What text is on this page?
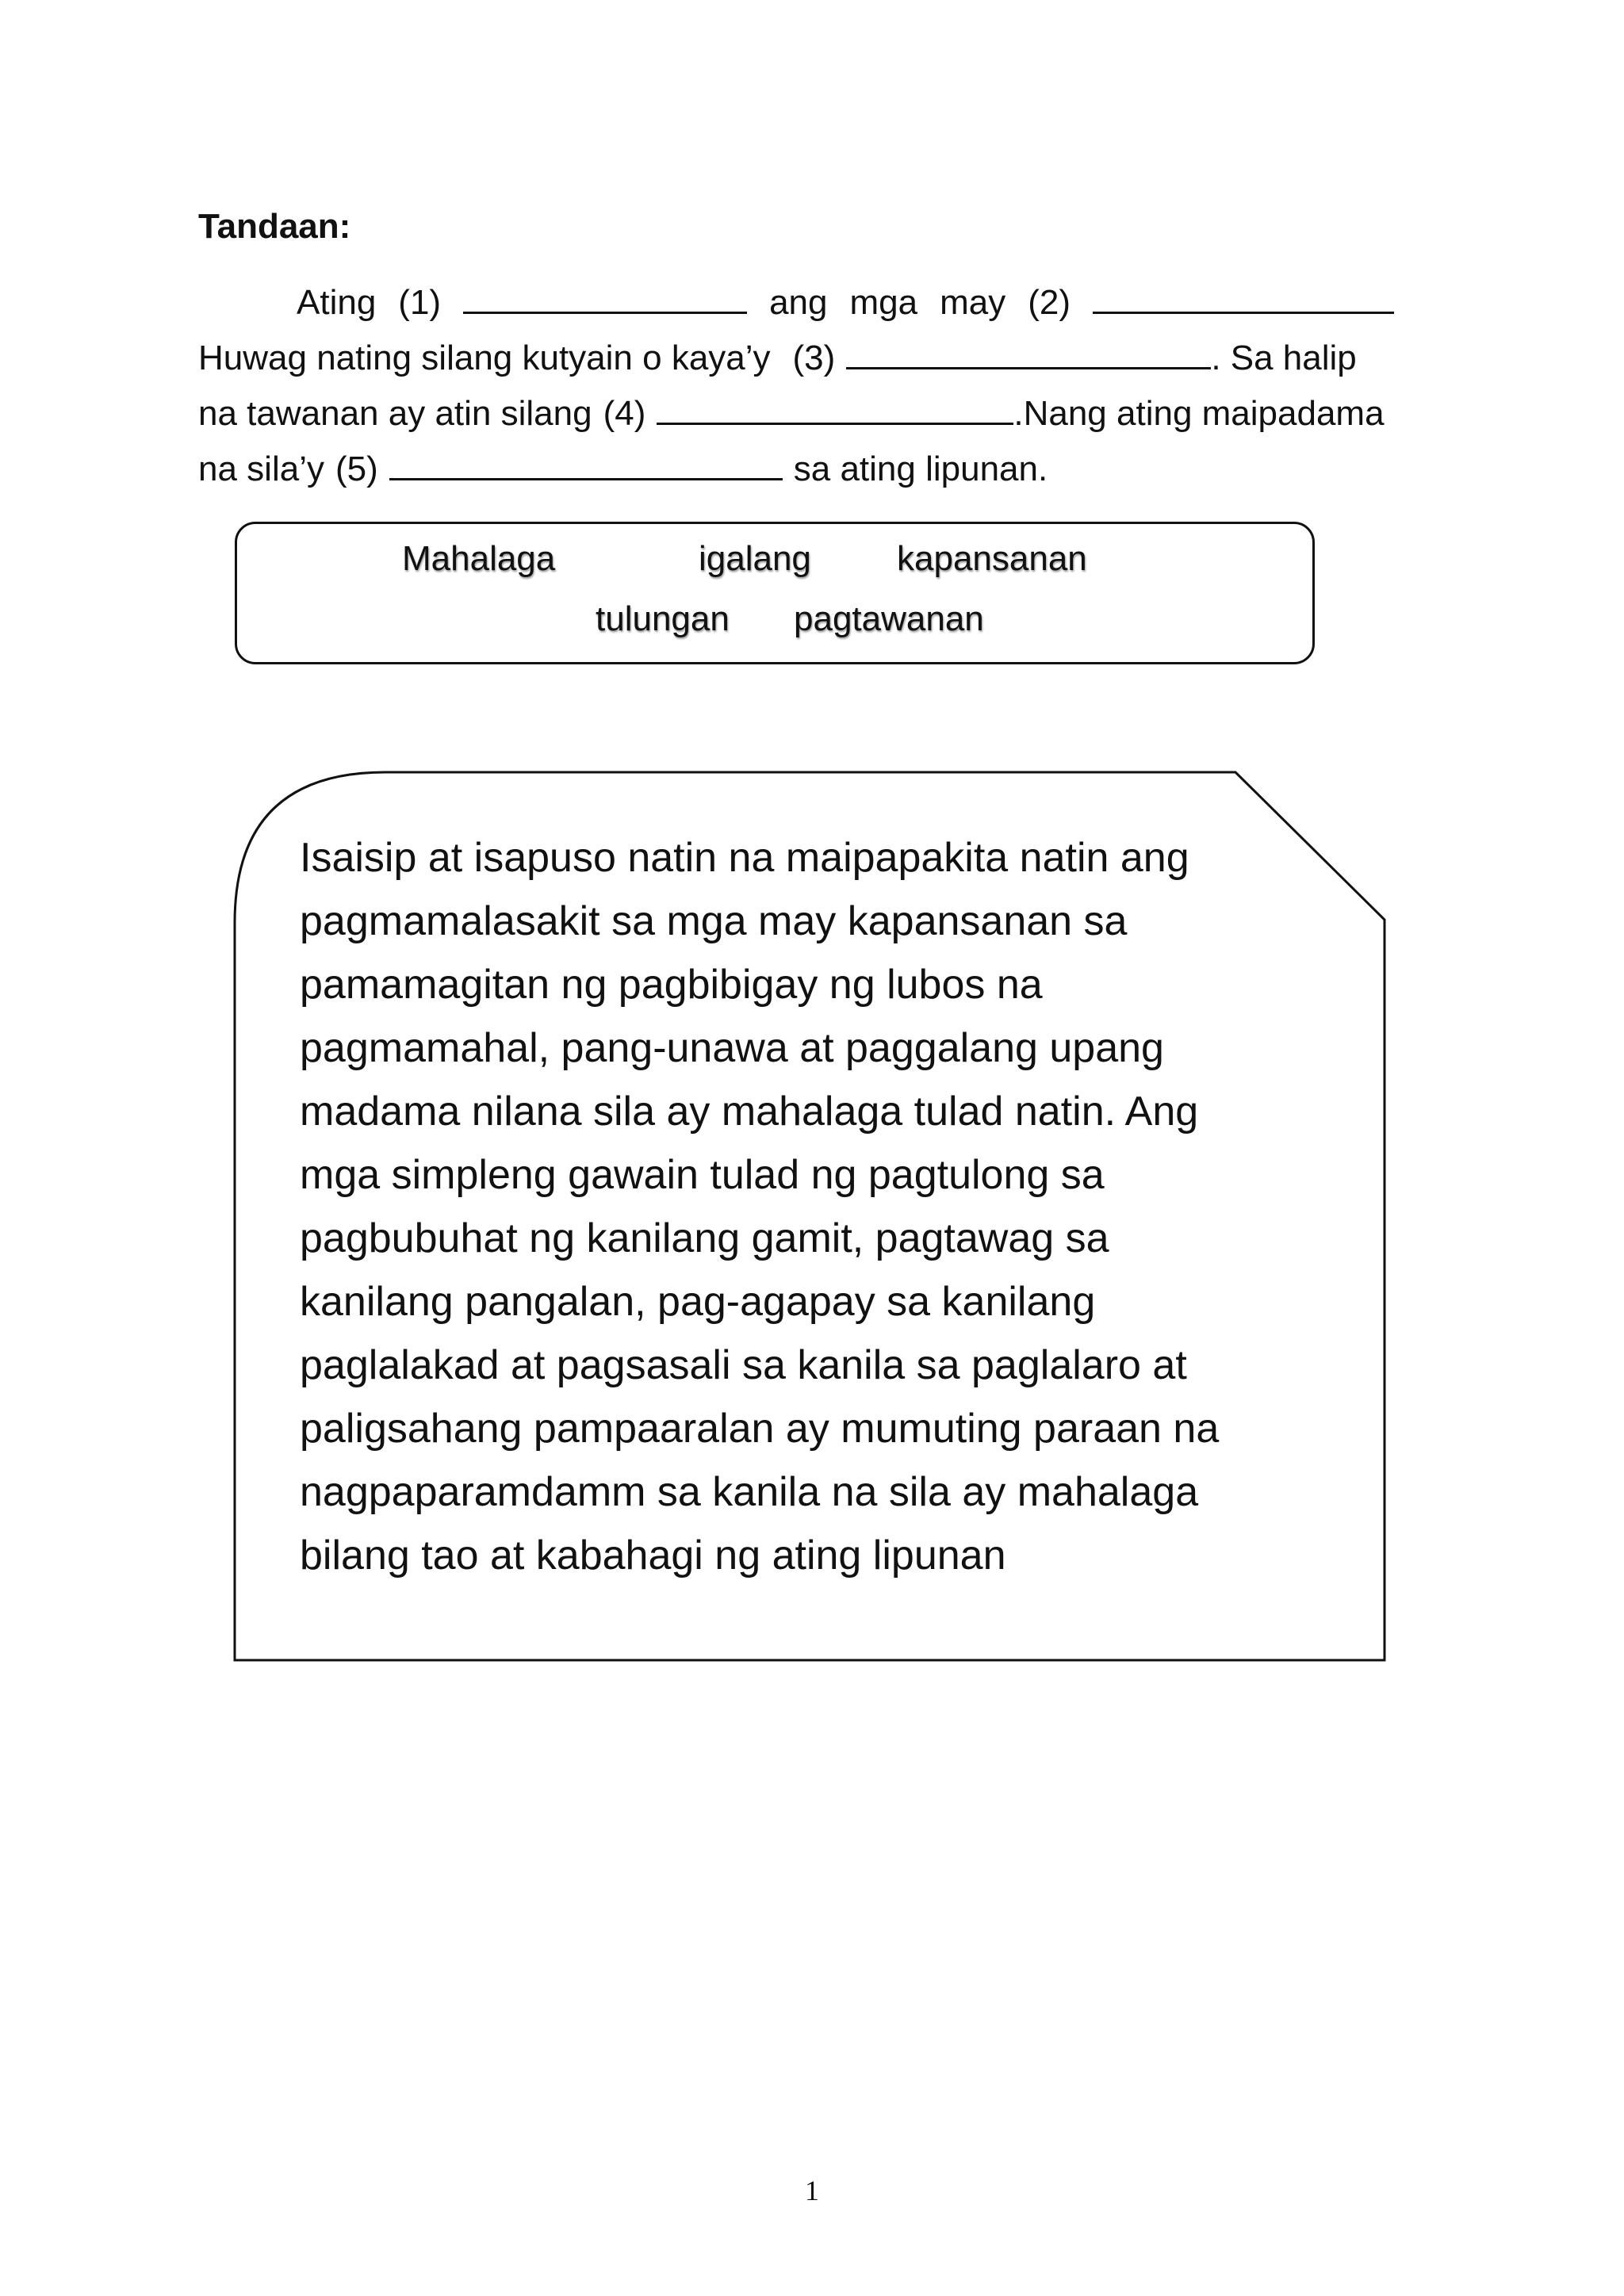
Tandaan:
Ating (1)	ang mga may (2)
Huwag nating silang kutyain o kaya’y (3)	. Sa halip
na tawanan ay atin silang (4)	.Nang ating maipadama
na sila’y (5)	sa ating lipunan.
Mahalaga	igalang kapansanan
tulungan pagtawanan
Isaisip at isapuso natin na maipapakita natin ang
pagmamalasakit sa mga may kapansanan sa
pamamagitan ng pagbibigay ng lubos na
pagmamahal, pang-unawa at paggalang upang
madama nilana sila ay mahalaga tulad natin. Ang
mga simpleng gawain tulad ng pagtulong sa
pagbubuhat ng kanilang gamit, pagtawag sa
kanilang pangalan, pag-agapay sa kanilang
paglalakad at pagsasali sa kanila sa paglalaro at
paligsahang pampaaralan ay mumuting paraan na
nagpaparamdamm sa kanila na sila ay mahalaga
bilang tao at kabahagi ng ating lipunan
1
